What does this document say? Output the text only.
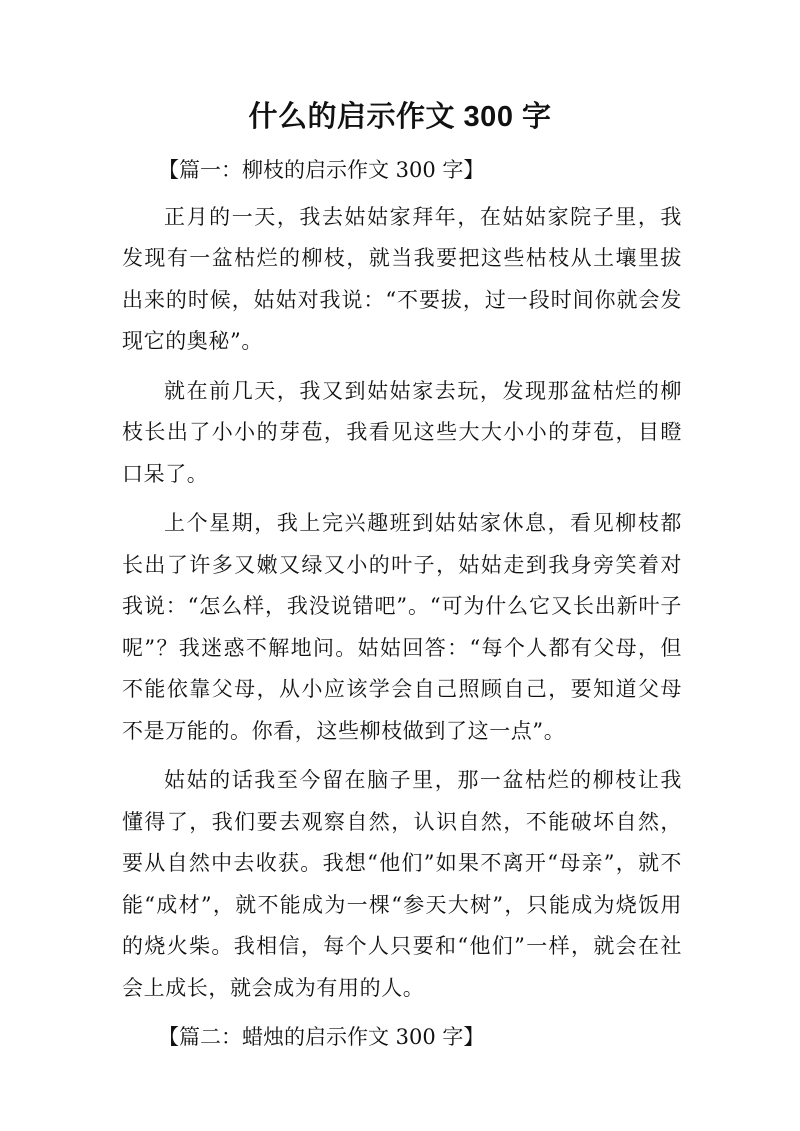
什么的启示作文 300 字

【篇一：柳枝的启示作文 300 字】

正月的一天，我去姑姑家拜年，在姑姑家院子里，我发现有一盆枯烂的柳枝，就当我要把这些枯枝从土壤里拔出来的时候，姑姑对我说：“不要拔，过一段时间你就会发现它的奥秘”。

就在前几天，我又到姑姑家去玩，发现那盆枯烂的柳枝长出了小小的芽苞，我看见这些大大小小的芽苞，目瞪口呆了。

上个星期，我上完兴趣班到姑姑家休息，看见柳枝都长出了许多又嫩又绿又小的叶子，姑姑走到我身旁笑着对我说：“怎么样，我没说错吧”。“可为什么它又长出新叶子呢”？我迷惑不解地问。姑姑回答：“每个人都有父母，但不能依靠父母，从小应该学会自己照顾自己，要知道父母不是万能的。你看，这些柳枝做到了这一点”。

姑姑的话我至今留在脑子里，那一盆枯烂的柳枝让我懂得了，我们要去观察自然，认识自然，不能破坏自然，要从自然中去收获。我想“他们”如果不离开“母亲”，就不能“成材”，就不能成为一棵“参天大树”，只能成为烧饭用的烧火柴。我相信，每个人只要和“他们”一样，就会在社会上成长，就会成为有用的人。

【篇二：蜡烛的启示作文 300 字】
